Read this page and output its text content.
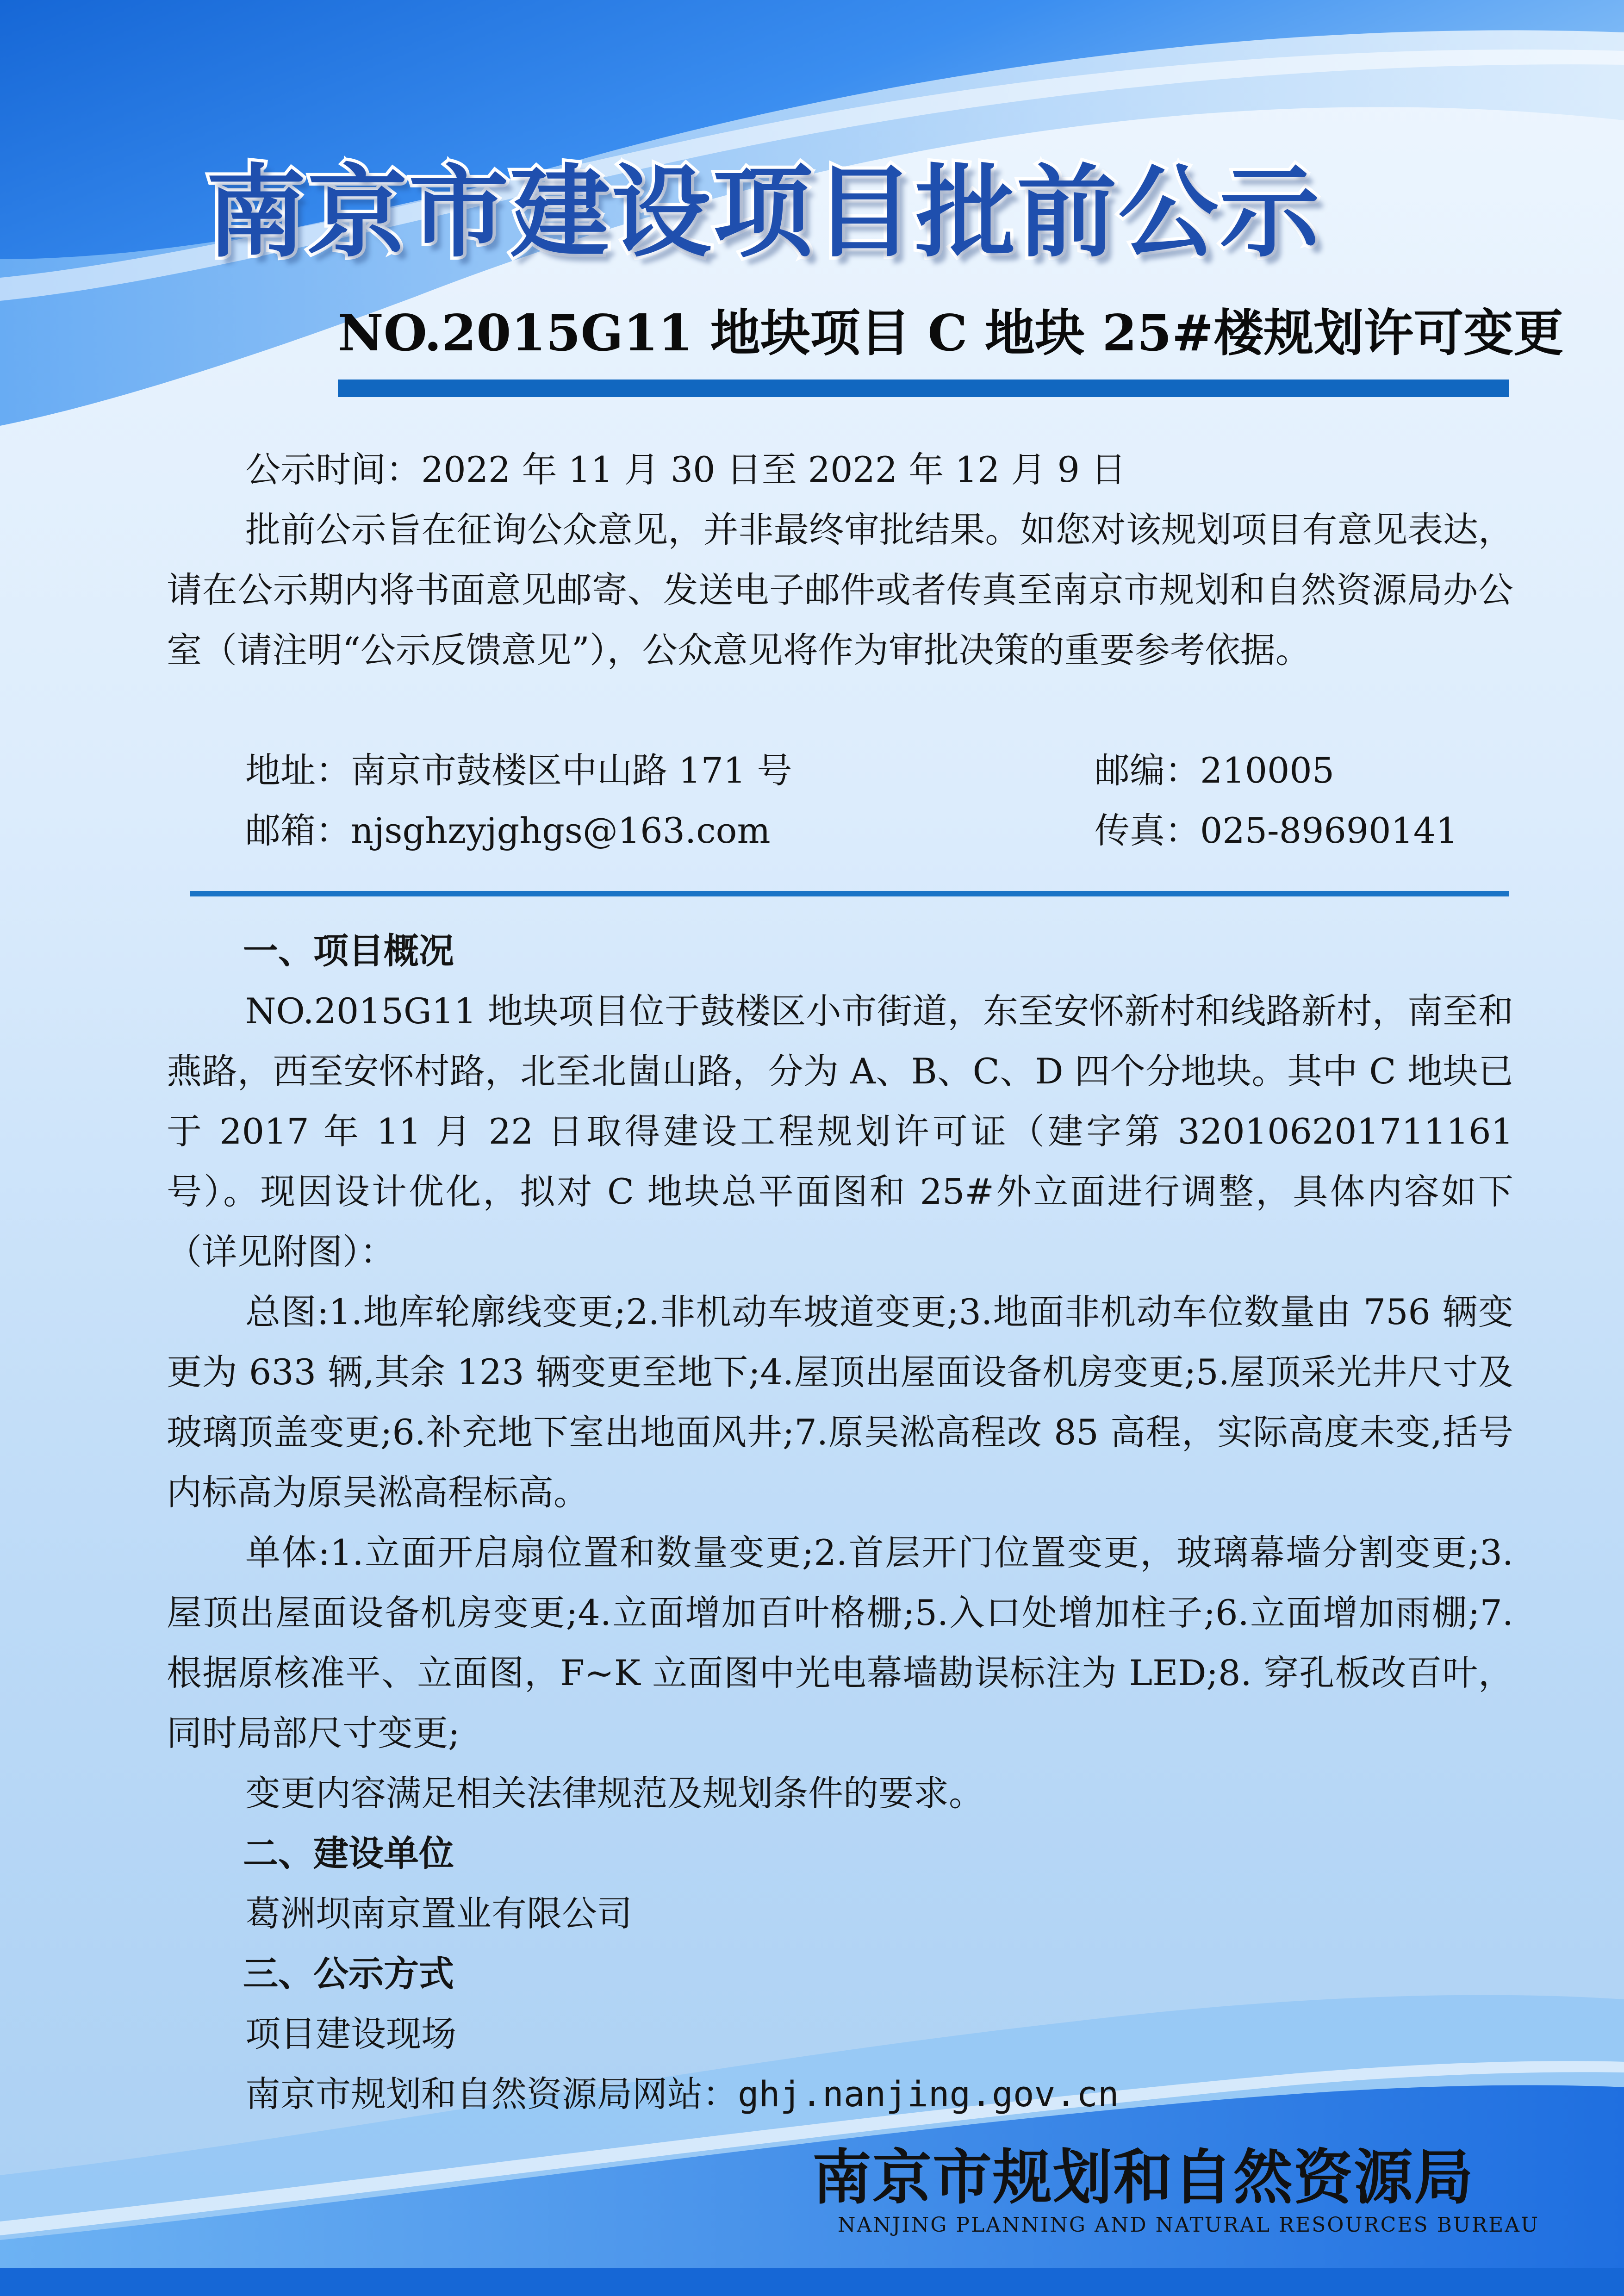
南京市建设项目批前公示
NO.2015G11 地块项目 C 地块 25#楼规划许可变更
公示时间：2022 年 11 月 30 日至 2022 年 12 月 9 日

批前公示旨在征询公众意见，并非最终审批结果。如您对该规划项目有意见表达，请在公示期内将书面意见邮寄、发送电子邮件或者传真至南京市规划和自然资源局办公室（请注明“公示反馈意见”），公众意见将作为审批决策的重要参考依据。

地址：南京市鼓楼区中山路 171 号	邮编：210005
邮箱：njsghzyjghgs@163.com	传真：025-89690141
一、项目概况

NO.2015G11 地块项目位于鼓楼区小市街道，东至安怀新村和线路新村，南至和燕路，西至安怀村路，北至北崮山路，分为 A、B、C、D 四个分地块。其中 C 地块已于 2017 年 11 月 22 日取得建设工程规划许可证（建字第 320106201711161 号）。现因设计优化，拟对 C 地块总平面图和 25#外立面进行调整，具体内容如下（详见附图）：

总图:1.地库轮廓线变更;2.非机动车坡道变更;3.地面非机动车位数量由 756 辆变更为 633 辆,其余 123 辆变更至地下;4.屋顶出屋面设备机房变更;5.屋顶采光井尺寸及玻璃顶盖变更;6.补充地下室出地面风井;7.原吴淞高程改 85 高程，实际高度未变,括号内标高为原吴淞高程标高。

单体:1.立面开启扇位置和数量变更;2.首层开门位置变更，玻璃幕墙分割变更;3. 屋顶出屋面设备机房变更;4.立面增加百叶格栅;5.入口处增加柱子;6.立面增加雨棚;7. 根据原核准平、立面图，F~K 立面图中光电幕墙勘误标注为 LED;8. 穿孔板改百叶，同时局部尺寸变更;

变更内容满足相关法律规范及规划条件的要求。

二、建设单位
葛洲坝南京置业有限公司
三、公示方式
项目建设现场
南京市规划和自然资源局网站：ghj.nanjing.gov.cn
南京市规划和自然资源局
NANJING PLANNING AND NATURAL RESOURCES BUREAU
